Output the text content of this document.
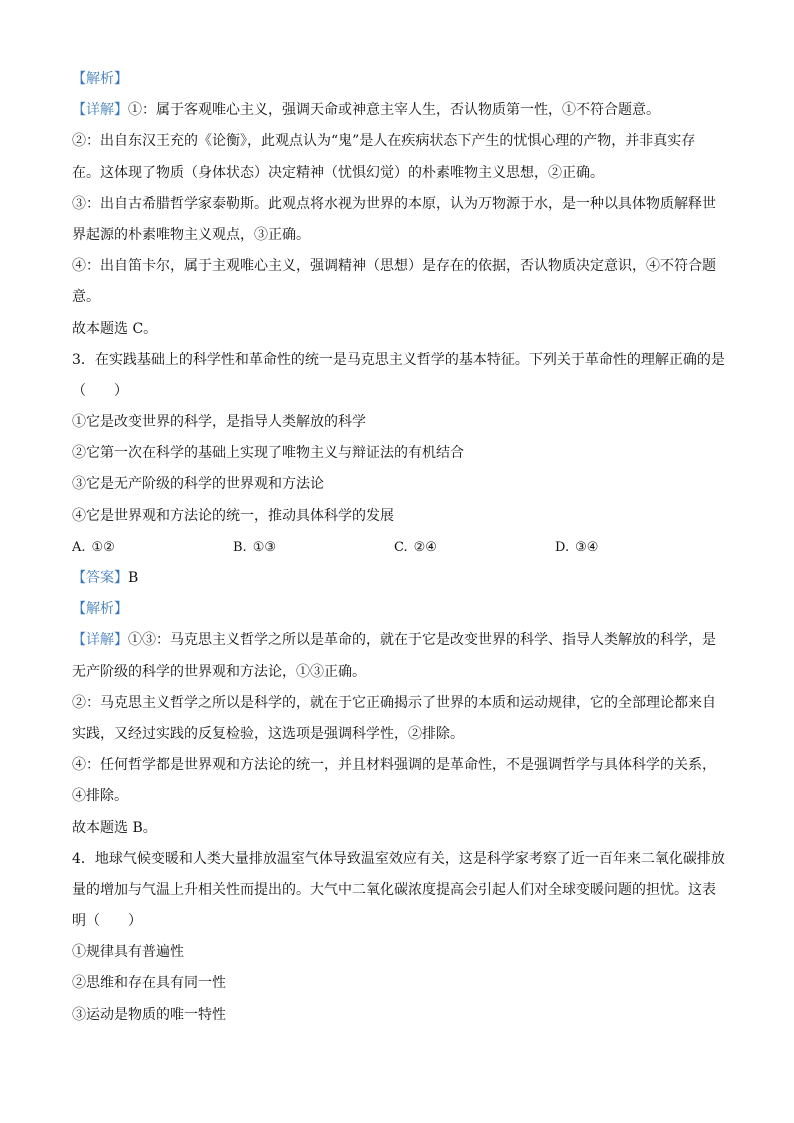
【解析】
【详解】①：属于客观唯心主义，强调天命或神意主宰人生，否认物质第一性，①不符合题意。
②：出自东汉王充的《论衡》，此观点认为“鬼”是人在疾病状态下产生的忧惧心理的产物，并非真实存
在。这体现了物质（身体状态）决定精神（忧惧幻觉）的朴素唯物主义思想，②正确。
③：出自古希腊哲学家泰勒斯。此观点将水视为世界的本原，认为万物源于水，是一种以具体物质解释世
界起源的朴素唯物主义观点，③正确。
④：出自笛卡尔，属于主观唯心主义，强调精神（思想）是存在的依据，否认物质决定意识，④不符合题
意。
故本题选 C。
3．在实践基础上的科学性和革命性的统一是马克思主义哲学的基本特征。下列关于革命性的理解正确的是
（　　）
①它是改变世界的科学，是指导人类解放的科学
②它第一次在科学的基础上实现了唯物主义与辩证法的有机结合
③它是无产阶级的科学的世界观和方法论
④它是世界观和方法论的统一，推动具体科学的发展
A. ①②	B. ①③	C. ②④	D. ③④
【答案】B
【解析】
【详解】①③：马克思主义哲学之所以是革命的，就在于它是改变世界的科学、指导人类解放的科学，是
无产阶级的科学的世界观和方法论，①③正确。
②：马克思主义哲学之所以是科学的，就在于它正确揭示了世界的本质和运动规律，它的全部理论都来自
实践，又经过实践的反复检验，这选项是强调科学性，②排除。
④：任何哲学都是世界观和方法论的统一，并且材料强调的是革命性，不是强调哲学与具体科学的关系，
④排除。
故本题选 B。
4．地球气候变暖和人类大量排放温室气体导致温室效应有关，这是科学家考察了近一百年来二氧化碳排放
量的增加与气温上升相关性而提出的。大气中二氧化碳浓度提高会引起人们对全球变暖问题的担忧。这表
明（　　）
①规律具有普遍性
②思维和存在具有同一性
③运动是物质的唯一特性
